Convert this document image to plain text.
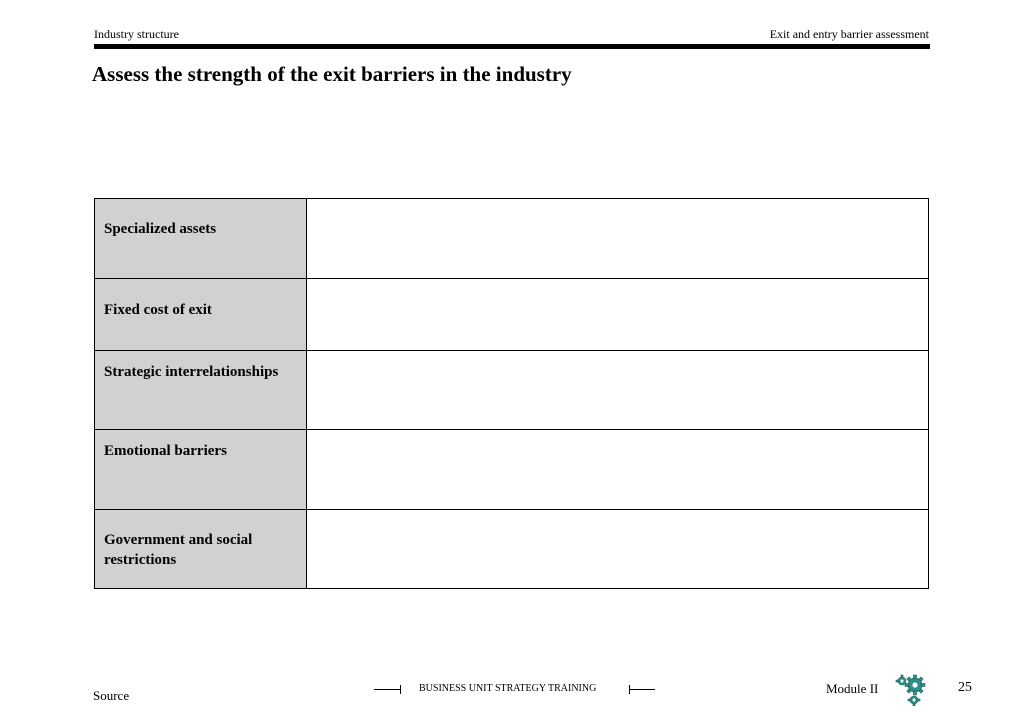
Industry structure	Exit and entry barrier assessment
Assess the strength of the exit barriers in the industry
Specialized assets	
Fixed cost of exit	
Strategic interrelationships	
Emotional barriers	
Government and social restrictions	
Source	BUSINESS UNIT STRATEGY TRAINING	Module II	25
